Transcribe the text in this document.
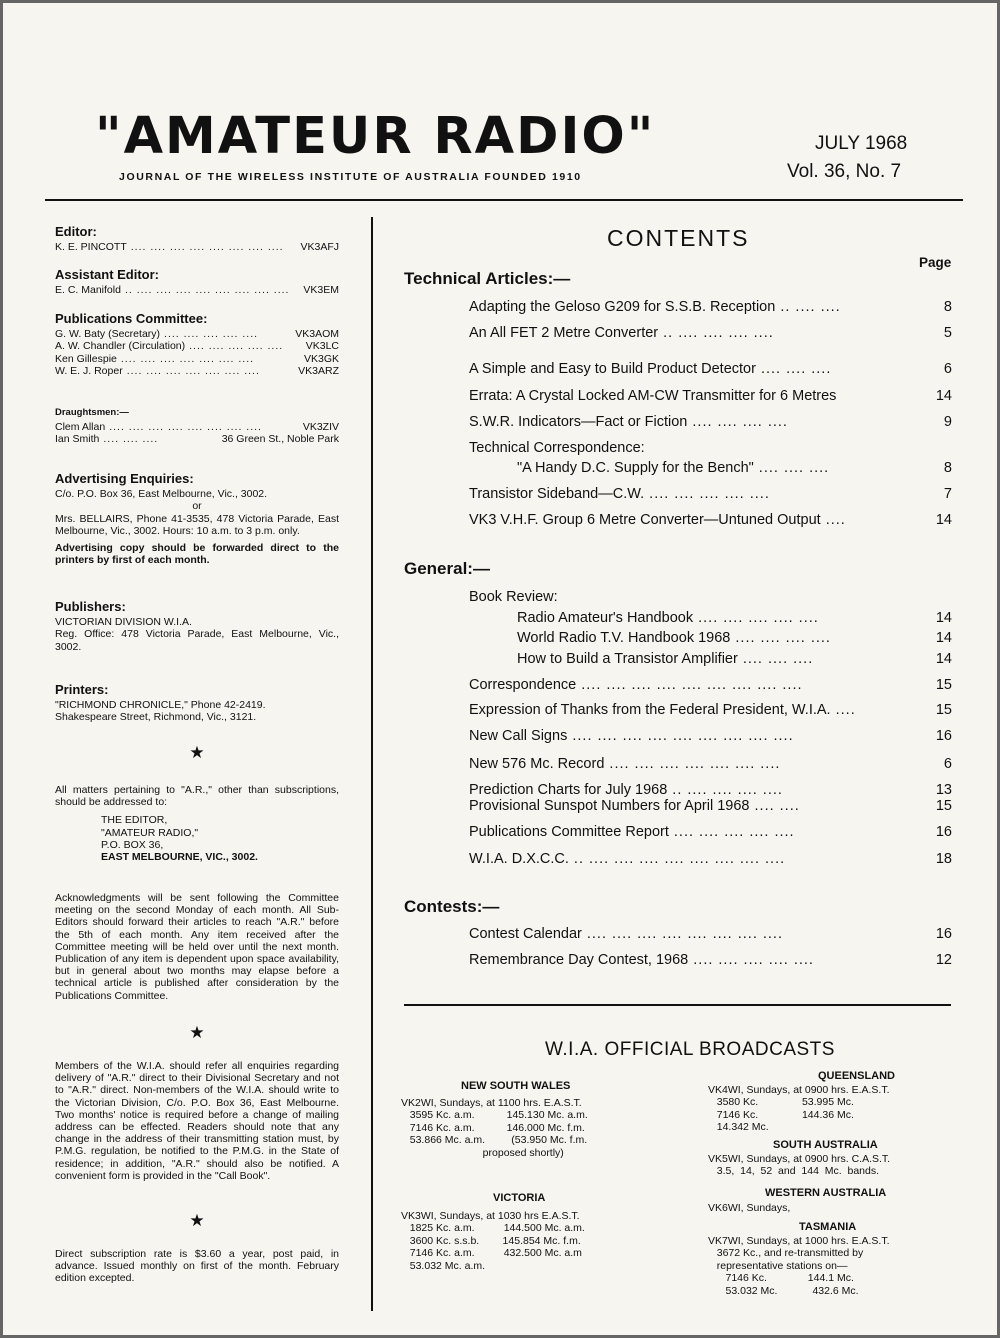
"AMATEUR RADIO"
JOURNAL OF THE WIRELESS INSTITUTE OF AUSTRALIA FOUNDED 1910
JULY 1968
Vol. 36, No. 7
Editor:
K. E. PINCOTT .... .... .... .... .... .... .... ....	VK3AFJ
Assistant Editor:
E. C. Manifold .. .... .... .... .... .... .... .... ....	VK3EM
Publications Committee:
G. W. Baty (Secretary) .... .... .... .... ....	VK3AOM
A. W. Chandler (Circulation) .... .... .... .... ....	VK3LC
Ken Gillespie .... .... .... .... .... .... ....	VK3GK
W. E. J. Roper .... .... .... .... .... .... ....	VK3ARZ
Draughtsmen:—
Clem Allan .... .... .... .... .... .... .... ....	VK3ZIV
Ian Smith .... .... ....	36 Green St., Noble Park
Advertising Enquiries:
C/o. P.O. Box 36, East Melbourne, Vic., 3002.
or
Mrs. BELLAIRS, Phone 41-3535, 478 Victoria Parade, East Melbourne, Vic., 3002. Hours: 10 a.m. to 3 p.m. only.
Advertising copy should be forwarded direct to the printers by first of each month.
Publishers:
VICTORIAN DIVISION W.I.A.
Reg. Office: 478 Victoria Parade, East Melbourne, Vic., 3002.
Printers:
"RICHMOND CHRONICLE," Phone 42-2419.
Shakespeare Street, Richmond, Vic., 3121.
★
All matters pertaining to "A.R.," other than subscriptions, should be addressed to:
THE EDITOR,
"AMATEUR RADIO,"
P.O. BOX 36,
EAST MELBOURNE, VIC., 3002.
Acknowledgments will be sent following the Committee meeting on the second Monday of each month. All Sub-Editors should forward their articles to reach "A.R." before the 5th of each month. Any item received after the Committee meeting will be held over until the next month. Publication of any item is dependent upon space availability, but in general about two months may elapse before a technical article is published after consideration by the Publications Committee.
★
Members of the W.I.A. should refer all enquiries regarding delivery of "A.R." direct to their Divisional Secretary and not to "A.R." direct. Non-members of the W.I.A. should write to the Victorian Division, C/o. P.O. Box 36, East Melbourne. Two months' notice is required before a change of mailing address can be effected. Readers should note that any change in the address of their transmitting station must, by P.M.G. regulation, be notified to the P.M.G. in the State of residence; in addition, "A.R." should also be notified. A convenient form is provided in the "Call Book".
★
Direct subscription rate is $3.60 a year, post paid, in advance. Issued monthly on first of the month. February edition excepted.
CONTENTS
Page
Technical Articles:—
Adapting the Geloso G209 for S.S.B. Reception .. .... ....	8
An All FET 2 Metre Converter .. .... .... .... ....	5
A Simple and Easy to Build Product Detector .... .... ....	6
Errata: A Crystal Locked AM-CW Transmitter for 6 Metres	14
S.W.R. Indicators—Fact or Fiction .... .... .... ....	9
Technical Correspondence:
"A Handy D.C. Supply for the Bench" .... .... ....	8
Transistor Sideband—C.W. .... .... .... .... ....	7
VK3 V.H.F. Group 6 Metre Converter—Untuned Output ....	14
General:—
Book Review:
Radio Amateur's Handbook .... .... .... .... ....	14
World Radio T.V. Handbook 1968 .... .... .... ....	14
How to Build a Transistor Amplifier .... .... ....	14
Correspondence .... .... .... .... .... .... .... .... ....	15
Expression of Thanks from the Federal President, W.I.A. ....	15
New Call Signs .... .... .... .... .... .... .... .... ....	16
New 576 Mc. Record .... .... .... .... .... .... ....	6
Prediction Charts for July 1968 .. .... .... .... ....	13
Provisional Sunspot Numbers for April 1968 .... ....	15
Publications Committee Report .... .... .... .... ....	16
W.I.A. D.X.C.C. .. .... .... .... .... .... .... .... ....	18
Contests:—
Contest Calendar .... .... .... .... .... .... .... ....	16
Remembrance Day Contest, 1968 .... .... .... .... ....	12
W.I.A. OFFICIAL BROADCASTS
NEW SOUTH WALES
VK2WI, Sundays, at 1100 hrs. E.A.S.T.
3595 Kc. a.m.           145.130 Mc. a.m.
7146 Kc. a.m.           146.000 Mc. f.m.
53.866 Mc. a.m.         (53.950 Mc. f.m.
proposed shortly)
VICTORIA
VK3WI, Sundays, at 1030 hrs E.A.S.T.
1825 Kc. a.m.          144.500 Mc. a.m.
3600 Kc. s.s.b.        145.854 Mc. f.m.
7146 Kc. a.m.          432.500 Mc. a.m
53.032 Mc. a.m.
QUEENSLAND
VK4WI, Sundays, at 0900 hrs. E.A.S.T.
3580 Kc.               53.995 Mc.
7146 Kc.               144.36 Mc.
14.342 Mc.
SOUTH AUSTRALIA
VK5WI, Sundays, at 0900 hrs. C.A.S.T.
3.5,  14,  52  and  144  Mc.  bands.
WESTERN AUSTRALIA
VK6WI, Sundays,
TASMANIA
VK7WI, Sundays, at 1000 hrs. E.A.S.T.
3672 Kc., and re-transmitted by
representative stations on—
7146 Kc.              144.1 Mc.
53.032 Mc.            432.6 Mc.
